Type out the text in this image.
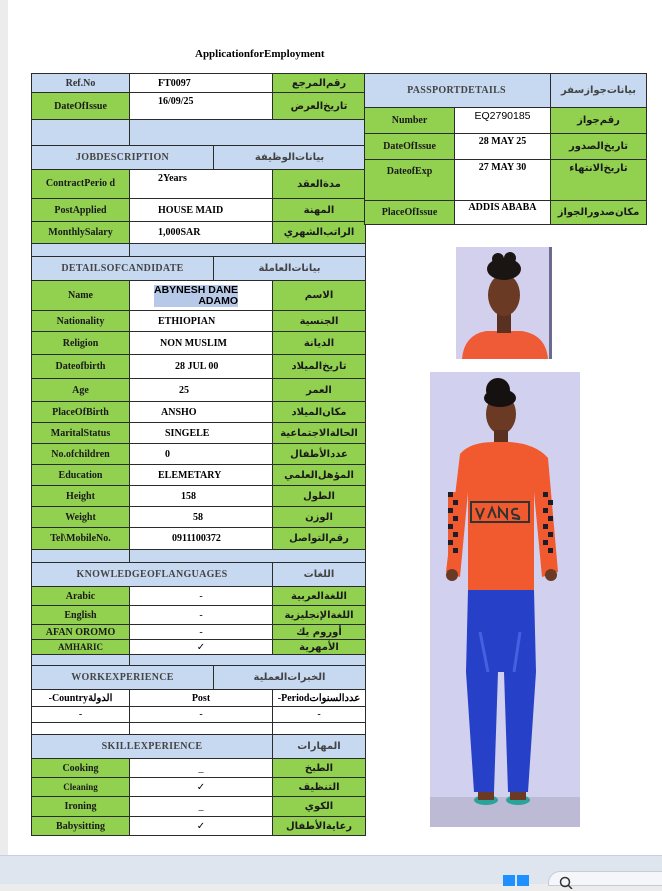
ApplicationforEmployment
Ref.No	FT0097		رقم‌المرجع
DateOfIssue	16/09/25		تاريخ‌العرض

JOBDESCRIPTION		بيانات‌الوظيفة	
ContractPerio d	2Years		مدة‌العقد
PostApplied	HOUSE MAID		المهنة
MonthlySalary	1,000SAR		الراتب‌الشهري

DETAILSOFCANDIDATE		بيانات‌العاملة	
Name	ABYNESH DANE
ADAMO		الاسم
Nationality	ETHIOPIAN		الجنسية
Religion	NON MUSLIM		الديانة
Dateofbirth	28 JUL 00		تاريخ‌الميلاد
Age	25		العمر
PlaceOfBirth	ANSHO		مكان‌الميلاد
MaritalStatus	SINGELE		الحالة‌الاجتماعية
No.ofchildren	0		عدد‌الأطفال
Education	ELEMETARY		المؤهل‌العلمي
Height	158		الطول
Weight	58		الوزن
Tel\MobileNo.	0911100372		رقم‌التواصل

KNOWLEDGEOFLANGUAGES			اللغات
Arabic	-		اللغة‌العربية
English	-		اللغة‌الإنجليزية
AFAN OROMO	-		أوروم يك
AMHARIC	✓		الأمهرية

WORKEXPERIENCE		الخبرات‌العملية	
-Countryالدولة	Post		-Periodعدد‌السنوات
-	-		-

SKILLEXPERIENCE			المهارات
Cooking	_		الطبخ
Cleaning	✓		التنظيف
Ironing	_		الكوي
Babysitting	✓		رعاية‌الأطفال
PASSPORTDETAILS		بيانات‌جواز‌سفر
Number	EQ2790185	رقم‌جواز
DateOfIssue	28 MAY 25	تاريخ‌الصدور
DateofExp	27 MAY 30	تاريخ‌الانتهاء
PlaceOfIssue	ADDIS ABABA	مكان‌صدور‌الجواز
